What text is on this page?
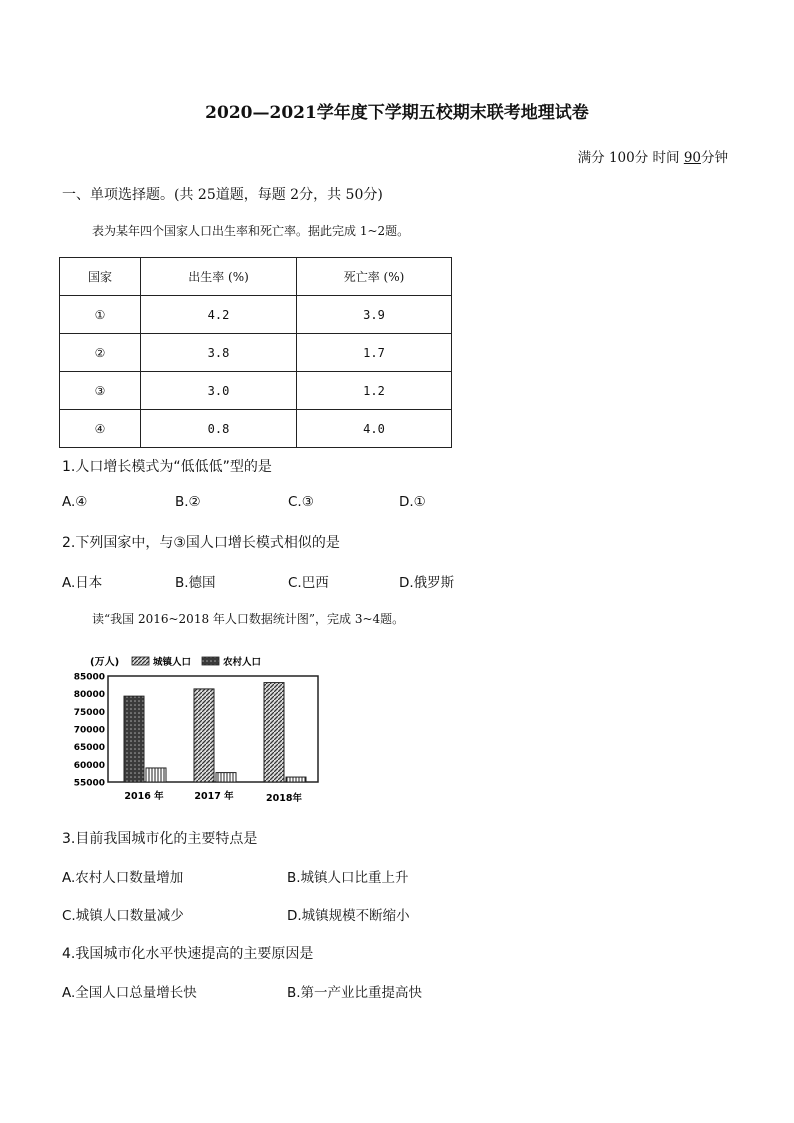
2020—2021学年度下学期五校期末联考地理试卷
满分 100分 时间 90分钟
一、单项选择题。(共 25道题，每题 2分，共 50分)
表为某年四个国家人口出生率和死亡率。据此完成 1~2题。
国家	出生率 (%)	死亡率 (%)
①	4.2	3.9
②	3.8	1.7
③	3.0	1.2
④	0.8	4.0
1.人口增长模式为“低低低”型的是
A.④	B.②	C.③	D.①
2.下列国家中，与③国人口增长模式相似的是
A.日本	B.德国	C.巴西	D.俄罗斯
读“我国 2016~2018 年人口数据统计图”，完成 3~4题。
(万人)	城镇人口	农村人口
85000
80000
75000
70000
65000
60000
55000
2016 年	2017 年	2018年
3.目前我国城市化的主要特点是
A.农村人口数量增加	B.城镇人口比重上升
C.城镇人口数量减少	D.城镇规模不断缩小
4.我国城市化水平快速提高的主要原因是
A.全国人口总量增长快	B.第一产业比重提高快
